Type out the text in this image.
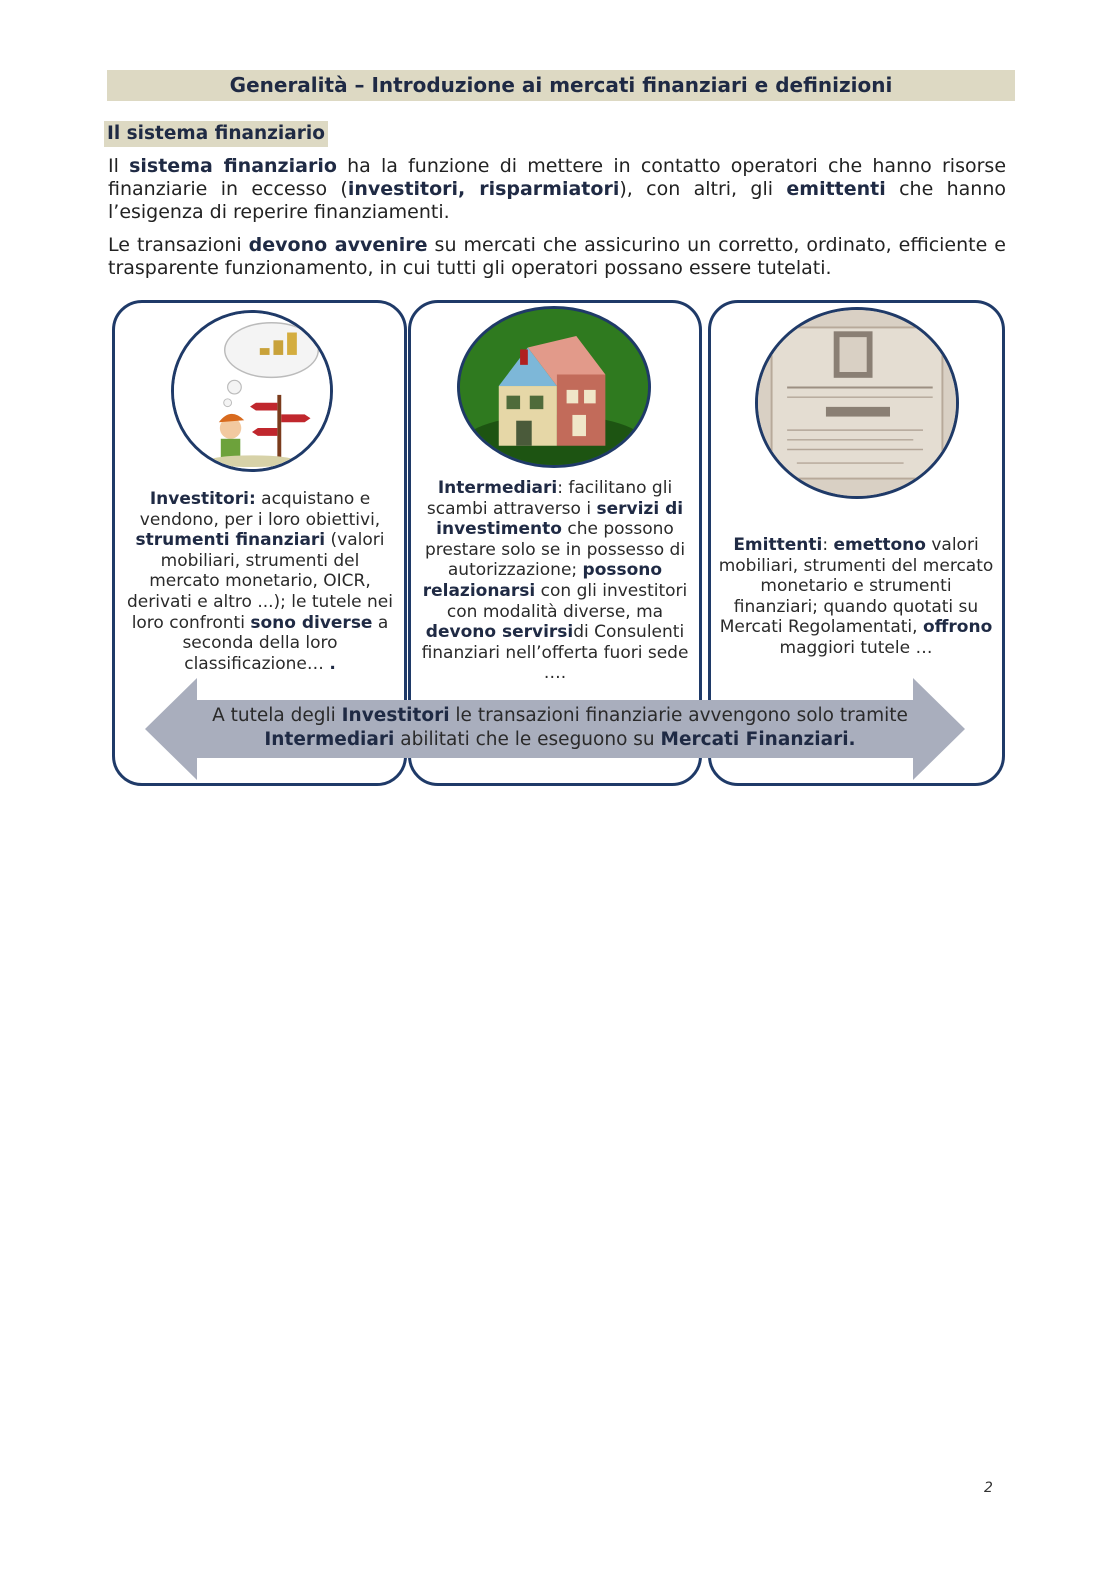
Generalità – Introduzione ai mercati finanziari e definizioni
Il sistema finanziario
Il sistema finanziario ha la funzione di mettere in contatto operatori che hanno risorse finanziarie in eccesso (investitori, risparmiatori), con altri, gli emittenti che hanno l’esigenza di reperire finanziamenti.
Le transazioni devono avvenire su mercati che assicurino un corretto, ordinato, efficiente e trasparente funzionamento, in cui tutti gli operatori possano essere tutelati.
Investitori: acquistano e vendono, per i loro obiettivi, strumenti finanziari (valori mobiliari, strumenti del mercato monetario, OICR, derivati e altro ...); le tutele nei loro confronti sono diverse a seconda della loro classificazione… .
Intermediari: facilitano gli scambi attraverso i servizi di investimento che possono prestare solo se in possesso di autorizzazione; possono relazionarsi con gli investitori con modalità diverse, ma devono servirsidi Consulenti finanziari nell’offerta fuori sede ….
Emittenti: emettono valori mobiliari, strumenti del mercato monetario e strumenti finanziari; quando quotati su Mercati Regolamentati, offrono maggiori tutele …
A tutela degli Investitori le transazioni finanziarie avvengono solo tramite Intermediari abilitati che le eseguono su Mercati Finanziari.
2
